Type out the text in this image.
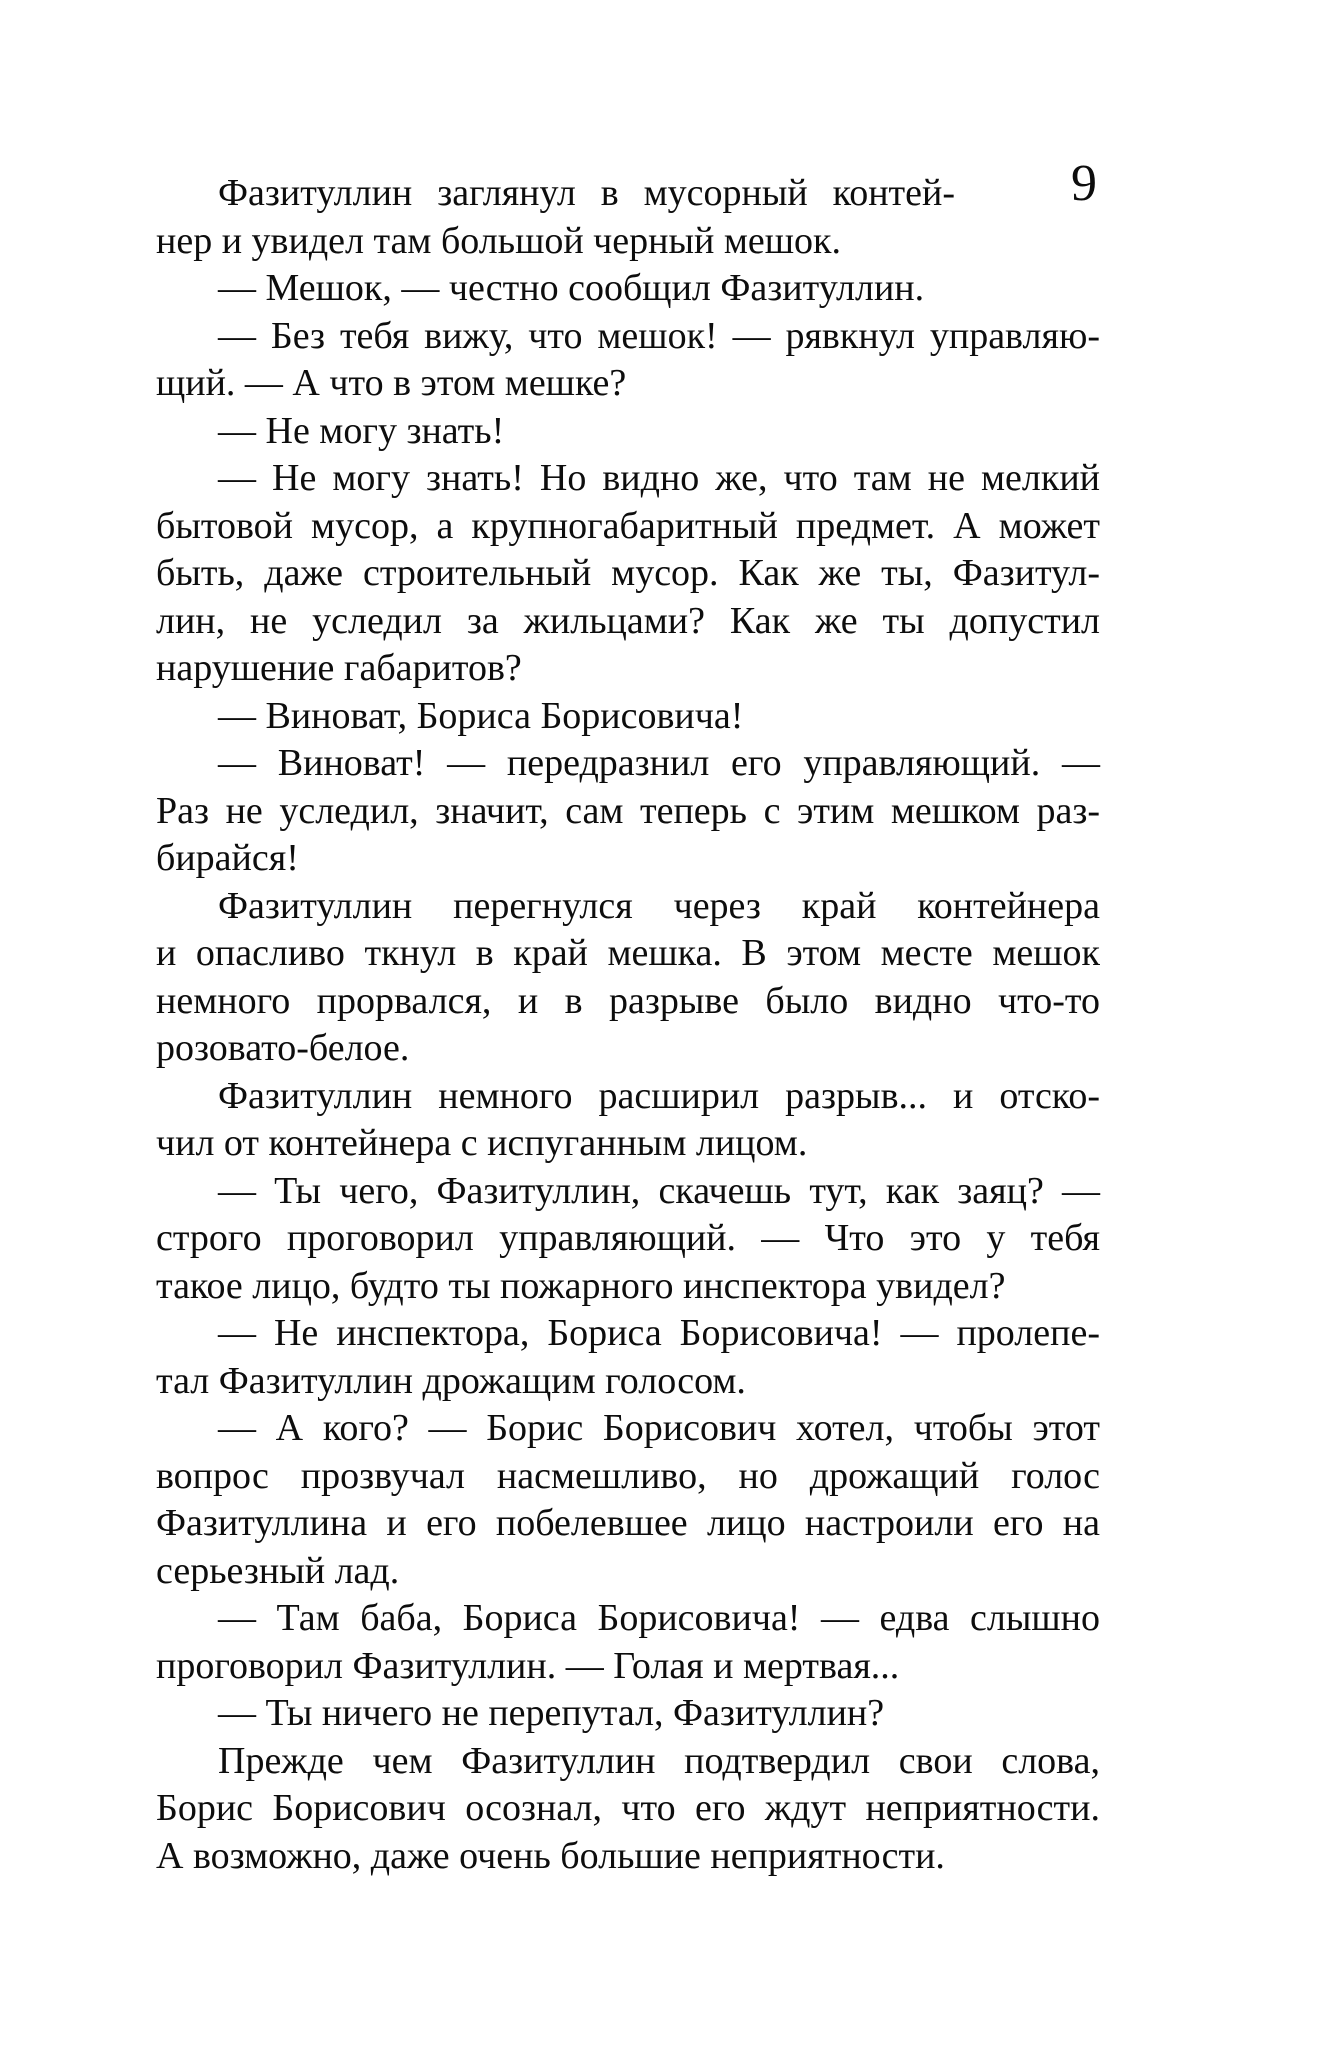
9
Фазитуллин заглянул в мусорный контей-
нер и увидел там большой черный мешок.
— Мешок, — честно сообщил Фазитуллин.
— Без тебя вижу, что мешок! — рявкнул управляю-
щий. — А что в этом мешке?
— Не могу знать!
— Не могу знать! Но видно же, что там не мелкий
бытовой мусор, а крупногабаритный предмет. А может
быть, даже строительный мусор. Как же ты, Фазитул-
лин, не уследил за жильцами? Как же ты допустил
нарушение габаритов?
— Виноват, Бориса Борисовича!
— Виноват! — передразнил его управляющий. —
Раз не уследил, значит, сам теперь с этим мешком раз-
бирайся!
Фазитуллин перегнулся через край контейнера
и опасливо ткнул в край мешка. В этом месте мешок
немного прорвался, и в разрыве было видно что-то
розовато-белое.
Фазитуллин немного расширил разрыв... и отско-
чил от контейнера с испуганным лицом.
— Ты чего, Фазитуллин, скачешь тут, как заяц? —
строго проговорил управляющий. — Что это у тебя
такое лицо, будто ты пожарного инспектора увидел?
— Не инспектора, Бориса Борисовича! — пролепе-
тал Фазитуллин дрожащим голосом.
— А кого? — Борис Борисович хотел, чтобы этот
вопрос прозвучал насмешливо, но дрожащий голос
Фазитуллина и его побелевшее лицо настроили его на
серьезный лад.
— Там баба, Бориса Борисовича! — едва слышно
проговорил Фазитуллин. — Голая и мертвая...
— Ты ничего не перепутал, Фазитуллин?
Прежде чем Фазитуллин подтвердил свои слова,
Борис Борисович осознал, что его ждут неприятности.
А возможно, даже очень большие неприятности.
